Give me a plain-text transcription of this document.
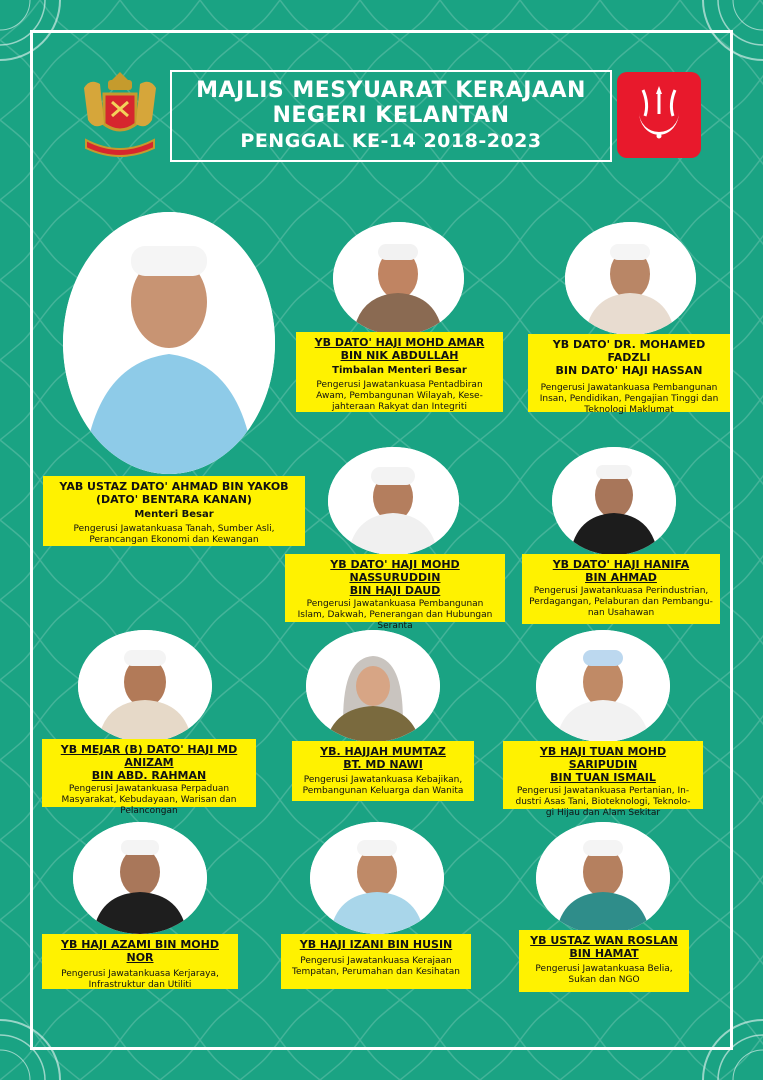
MAJLIS MESYUARAT KERAJAAN
NEGERI KELANTAN
PENGGAL KE-14 2018-2023
YAB USTAZ DATO' AHMAD BIN YAKOB
(DATO' BENTARA KANAN)
Menteri Besar
Pengerusi Jawatankuasa Tanah, Sumber Asli,
Perancangan Ekonomi dan Kewangan
YB DATO' HAJI MOHD AMAR
BIN NIK ABDULLAH
Timbalan Menteri Besar
Pengerusi Jawatankuasa Pentadbiran
Awam, Pembangunan Wilayah, Kese-
jahteraan Rakyat dan Integriti
YB DATO' DR. MOHAMED FADZLI
BIN DATO' HAJI HASSAN
Pengerusi Jawatankuasa Pembangunan
Insan, Pendidikan, Pengajian Tinggi dan
Teknologi Maklumat
YB DATO' HAJI MOHD NASSURUDDIN
BIN HAJI DAUD
Pengerusi Jawatankuasa Pembangunan
Islam, Dakwah, Penerangan dan Hubungan
Seranta
YB DATO' HAJI HANIFA
BIN AHMAD
Pengerusi Jawatankuasa Perindustrian,
Perdagangan, Pelaburan dan Pembangu-
nan Usahawan
YB MEJAR (B) DATO' HAJI MD ANIZAM
BIN ABD. RAHMAN
Pengerusi Jawatankuasa Perpaduan
Masyarakat, Kebudayaan, Warisan dan
Pelancongan
YB. HAJJAH MUMTAZ
BT. MD NAWI
Pengerusi Jawatankuasa Kebajikan,
Pembangunan Keluarga dan Wanita
YB HAJI TUAN MOHD SARIPUDIN
BIN TUAN ISMAIL
Pengerusi Jawatankuasa Pertanian, In-
dustri Asas Tani, Bioteknologi, Teknolo-
gi Hijau dan Alam Sekitar
YB HAJI AZAMI BIN MOHD NOR
Pengerusi Jawatankuasa Kerjaraya,
Infrastruktur dan Utiliti
YB HAJI IZANI BIN HUSIN
Pengerusi Jawatankuasa Kerajaan
Tempatan, Perumahan dan Kesihatan
YB USTAZ WAN ROSLAN
BIN HAMAT
Pengerusi Jawatankuasa Belia,
Sukan dan NGO
